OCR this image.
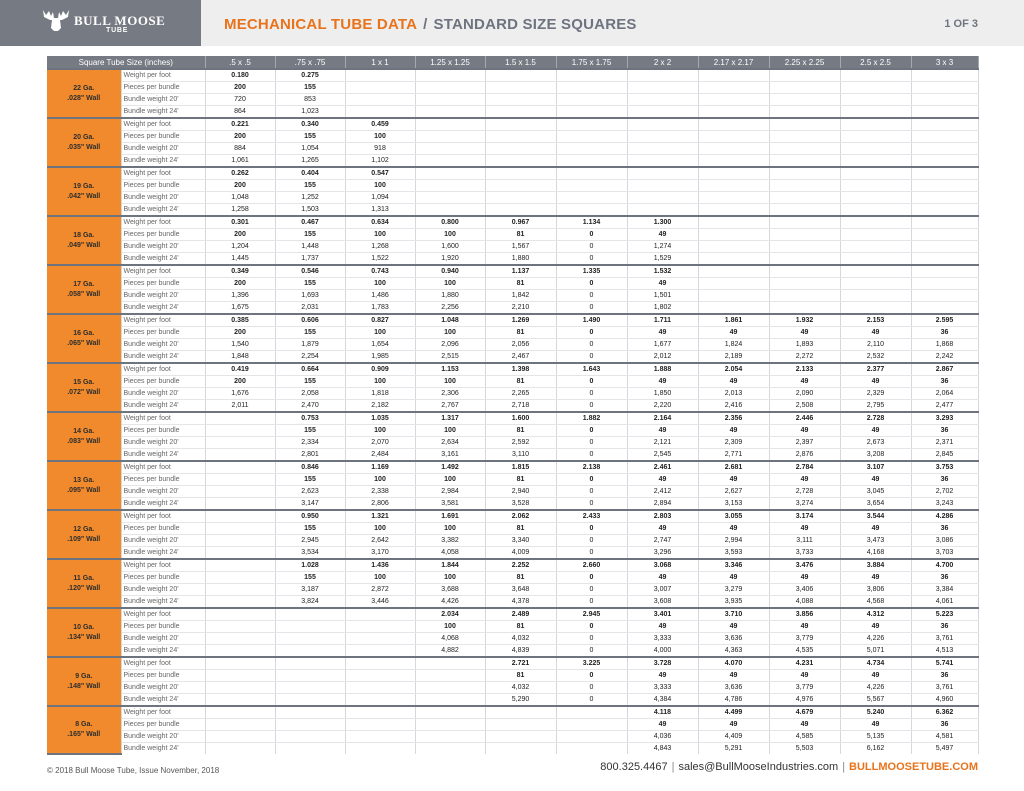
BULL MOOSE
TUBE	MECHANICAL TUBE DATA / STANDARD SIZE SQUARES	1 OF 3
Square Tube Size (inches)		.5 x .5	.75 x .75	1 x 1	1.25 x 1.25	1.5 x 1.5	1.75 x 1.75	2 x 2	2.17 x 2.17	2.25 x 2.25	2.5 x 2.5	3 x 3

22 Ga.
.028" Wall	Weight per foot	0.180	0.275									
	Pieces per bundle	200	155									
	Bundle weight 20'	720	853									
	Bundle weight 24'	864	1,023									

20 Ga.
.035" Wall	Weight per foot	0.221	0.340	0.459								
	Pieces per bundle	200	155	100								
	Bundle weight 20'	884	1,054	918								
	Bundle weight 24'	1,061	1,265	1,102								

19 Ga.
.042" Wall	Weight per foot	0.262	0.404	0.547								
	Pieces per bundle	200	155	100								
	Bundle weight 20'	1,048	1,252	1,094								
	Bundle weight 24'	1,258	1,503	1,313								

18 Ga.
.049" Wall	Weight per foot	0.301	0.467	0.634	0.800	0.967	1.134	1.300				
	Pieces per bundle	200	155	100	100	81	0	49				
	Bundle weight 20'	1,204	1,448	1,268	1,600	1,567	0	1,274				
	Bundle weight 24'	1,445	1,737	1,522	1,920	1,880	0	1,529				

17 Ga.
.058" Wall	Weight per foot	0.349	0.546	0.743	0.940	1.137	1.335	1.532				
	Pieces per bundle	200	155	100	100	81	0	49				
	Bundle weight 20'	1,396	1,693	1,486	1,880	1,842	0	1,501				
	Bundle weight 24'	1,675	2,031	1,783	2,256	2,210	0	1,802				

16 Ga.
.065" Wall	Weight per foot	0.385	0.606	0.827	1.048	1.269	1.490	1.711	1.861	1.932	2.153	2.595
	Pieces per bundle	200	155	100	100	81	0	49	49	49	49	36
	Bundle weight 20'	1,540	1,879	1,654	2,096	2,056	0	1,677	1,824	1,893	2,110	1,868
	Bundle weight 24'	1,848	2,254	1,985	2,515	2,467	0	2,012	2,189	2,272	2,532	2,242

15 Ga.
.072" Wall	Weight per foot	0.419	0.664	0.909	1.153	1.398	1.643	1.888	2.054	2.133	2.377	2.867
	Pieces per bundle	200	155	100	100	81	0	49	49	49	49	36
	Bundle weight 20'	1,676	2,058	1,818	2,306	2,265	0	1,850	2,013	2,090	2,329	2,064
	Bundle weight 24'	2,011	2,470	2,182	2,767	2,718	0	2,220	2,416	2,508	2,795	2,477

14 Ga.
.083" Wall	Weight per foot		0.753	1.035	1.317	1.600	1.882	2.164	2.356	2.446	2.728	3.293
	Pieces per bundle		155	100	100	81	0	49	49	49	49	36
	Bundle weight 20'		2,334	2,070	2,634	2,592	0	2,121	2,309	2,397	2,673	2,371
	Bundle weight 24'		2,801	2,484	3,161	3,110	0	2,545	2,771	2,876	3,208	2,845

13 Ga.
.095" Wall	Weight per foot		0.846	1.169	1.492	1.815	2.138	2.461	2.681	2.784	3.107	3.753
	Pieces per bundle		155	100	100	81	0	49	49	49	49	36
	Bundle weight 20'		2,623	2,338	2,984	2,940	0	2,412	2,627	2,728	3,045	2,702
	Bundle weight 24'		3,147	2,806	3,581	3,528	0	2,894	3,153	3,274	3,654	3,243

12 Ga.
.109" Wall	Weight per foot		0.950	1.321	1.691	2.062	2.433	2.803	3.055	3.174	3.544	4.286
	Pieces per bundle		155	100	100	81	0	49	49	49	49	36
	Bundle weight 20'		2,945	2,642	3,382	3,340	0	2,747	2,994	3,111	3,473	3,086
	Bundle weight 24'		3,534	3,170	4,058	4,009	0	3,296	3,593	3,733	4,168	3,703

11 Ga.
.120" Wall	Weight per foot		1.028	1.436	1.844	2.252	2.660	3.068	3.346	3.476	3.884	4.700
	Pieces per bundle		155	100	100	81	0	49	49	49	49	36
	Bundle weight 20'		3,187	2,872	3,688	3,648	0	3,007	3,279	3,406	3,806	3,384
	Bundle weight 24'		3,824	3,446	4,426	4,378	0	3,608	3,935	4,088	4,568	4,061

10 Ga.
.134" Wall	Weight per foot				2.034	2.489	2.945	3.401	3.710	3.856	4.312	5.223
	Pieces per bundle				100	81	0	49	49	49	49	36
	Bundle weight 20'				4,068	4,032	0	3,333	3,636	3,779	4,226	3,761
	Bundle weight 24'				4,882	4,839	0	4,000	4,363	4,535	5,071	4,513

9 Ga.
.148" Wall	Weight per foot					2.721	3.225	3.728	4.070	4.231	4.734	5.741
	Pieces per bundle					81	0	49	49	49	49	36
	Bundle weight 20'					4,032	0	3,333	3,636	3,779	4,226	3,761
	Bundle weight 24'					5,290	0	4,384	4,786	4,976	5,567	4,960

8 Ga.
.165" Wall	Weight per foot							4.118	4.499	4.679	5.240	6.362
	Pieces per bundle							49	49	49	49	36
	Bundle weight 20'							4,036	4,409	4,585	5,135	4,581
	Bundle weight 24'							4,843	5,291	5,503	6,162	5,497
© 2018 Bull Moose Tube, Issue November, 2018	800.325.4467 | sales@BullMooseIndustries.com | BULLMOOSETUBE.COM
